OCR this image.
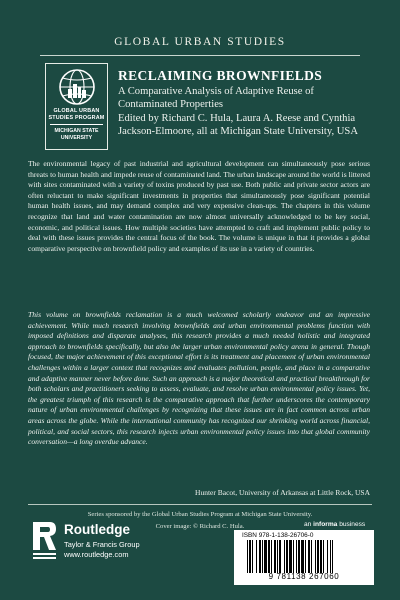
GLOBAL URBAN STUDIES
GLOBAL URBAN
STUDIES PROGRAM
MICHIGAN STATE
UNIVERSITY
RECLAIMING BROWNFIELDS
A Comparative Analysis of Adaptive Reuse of Contaminated Properties
Edited by Richard C. Hula, Laura A. Reese and Cynthia Jackson-Elmoore, all at Michigan State University, USA

The environmental legacy of past industrial and agricultural development can simultaneously pose serious threats to human health and impede reuse of contaminated land. The urban landscape around the world is littered with sites contaminated with a variety of toxins produced by past use. Both public and private sector actors are often reluctant to make significant investments in properties that simultaneously pose significant potential human health issues, and may demand complex and very expensive clean-ups. The chapters in this volume recognize that land and water contamination are now almost universally acknowledged to be key social, economic, and political issues. How multiple societies have attempted to craft and implement public policy to deal with these issues provides the central focus of the book. The volume is unique in that it provides a global comparative perspective on brownfield policy and examples of its use in a variety of countries.

This volume on brownfields reclamation is a much welcomed scholarly endeavor and an impressive achievement. While much research involving brownfields and urban environmental problems function with imposed definitions and disparate analyses, this research provides a much needed holistic and integrated approach to brownfields specifically, but also the larger urban environmental policy arena in general. Though focused, the major achievement of this exceptional effort is its treatment and placement of urban environmental challenges within a larger context that recognizes and evaluates pollution, people, and place in a comparative and adaptive manner never before done. Such an approach is a major theoretical and practical breakthrough for both scholars and practitioners seeking to assess, evaluate, and resolve urban environmental policy issues. Yet, the greatest triumph of this research is the comparative approach that further underscores the contemporary nature of urban environmental challenges by recognizing that these issues are in fact common across urban areas across the globe. While the international community has recognized our shrinking world across financial, political, and social sectors, this research injects urban environmental policy issues into that global community conversation—a long overdue advance.

Hunter Bacot, University of Arkansas at Little Rock, USA
Series sponsored by the Global Urban Studies Program at Michigan State University.
Cover image: © Richard C. Hula.
Routledge
Taylor & Francis Group
www.routledge.com
an informa business
ISBN 978-1-138-26706-0
9 781138 267060
